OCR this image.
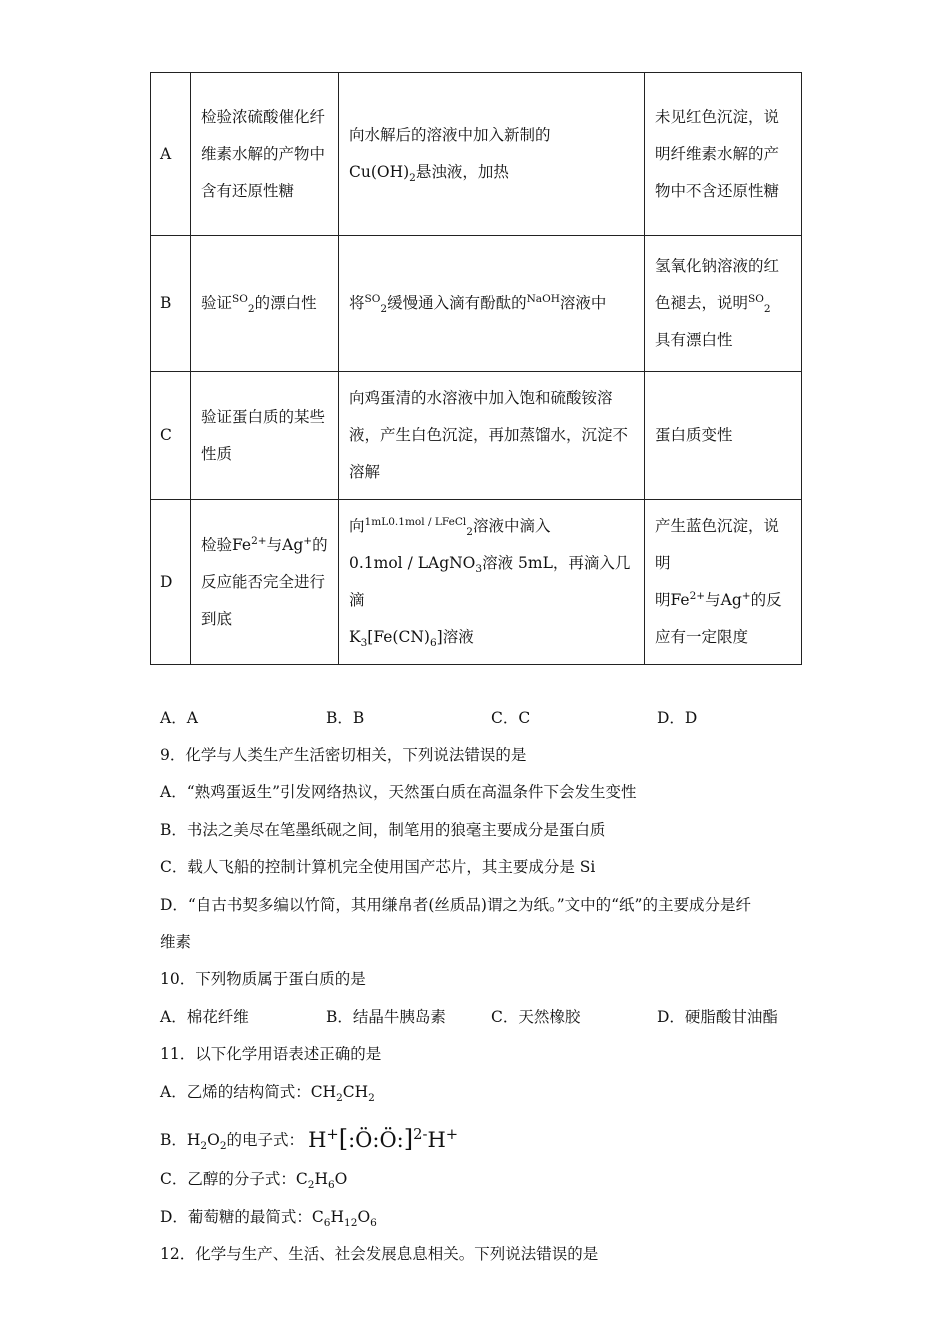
A	检验浓硫酸催化纤维素水解的产物中含有还原性糖	向水解后的溶液中加入新制的
$Cu(OH)_2$悬浊液，加热	未见红色沉淀，说明纤维素水解的产物中不含还原性糖
B	验证$^{SO}_2$的漂白性	将$^{SO}_2$缓慢通入滴有酚酞的$^{NaOH}$溶液中	氢氧化钠溶液的红色褪去，说明$^{SO}_2$
具有漂白性
C	验证蛋白质的某些性质	向鸡蛋清的水溶液中加入饱和硫酸铵溶液，产生白色沉淀，再加蒸馏水，沉淀不溶解	蛋白质变性
D	检验$Fe^{2+}$与Ag+的反应能否完全进行到底	向$^{1mL0.1mol / LFeCl}_2$溶液中滴入
0.1mol / LAgNO$_3$溶液 5mL，再滴入几滴
$K_3[Fe(CN)_6]$溶液	产生蓝色沉淀，说明
明$Fe^{2+}$与Ag+的反应有一定限度
A．A	B．B	C．C	D．D
9．化学与人类生产生活密切相关，下列说法错误的是
A．“熟鸡蛋返生”引发网络热议，天然蛋白质在高温条件下会发生变性
B．书法之美尽在笔墨纸砚之间，制笔用的狼毫主要成分是蛋白质
C．载人飞船的控制计算机完全使用国产芯片，其主要成分是 Si
D．“自古书契多编以竹简，其用缣帛者(丝质品)谓之为纸。”文中的“纸”的主要成分是纤
维素
10．下列物质属于蛋白质的是
A．棉花纤维	B．结晶牛胰岛素	C．天然橡胶	D．硬脂酸甘油酯
11．以下化学用语表述正确的是
A．乙烯的结构简式：$CH_2CH_2$
B．$H_2O_2$的电子式： H+[:Ö:Ö:]$^{2-}$H+
C．乙醇的分子式：$C_2H_6O$
D．葡萄糖的最简式：$C_6H_{12}O_6$
12．化学与生产、生活、社会发展息息相关。下列说法错误的是
